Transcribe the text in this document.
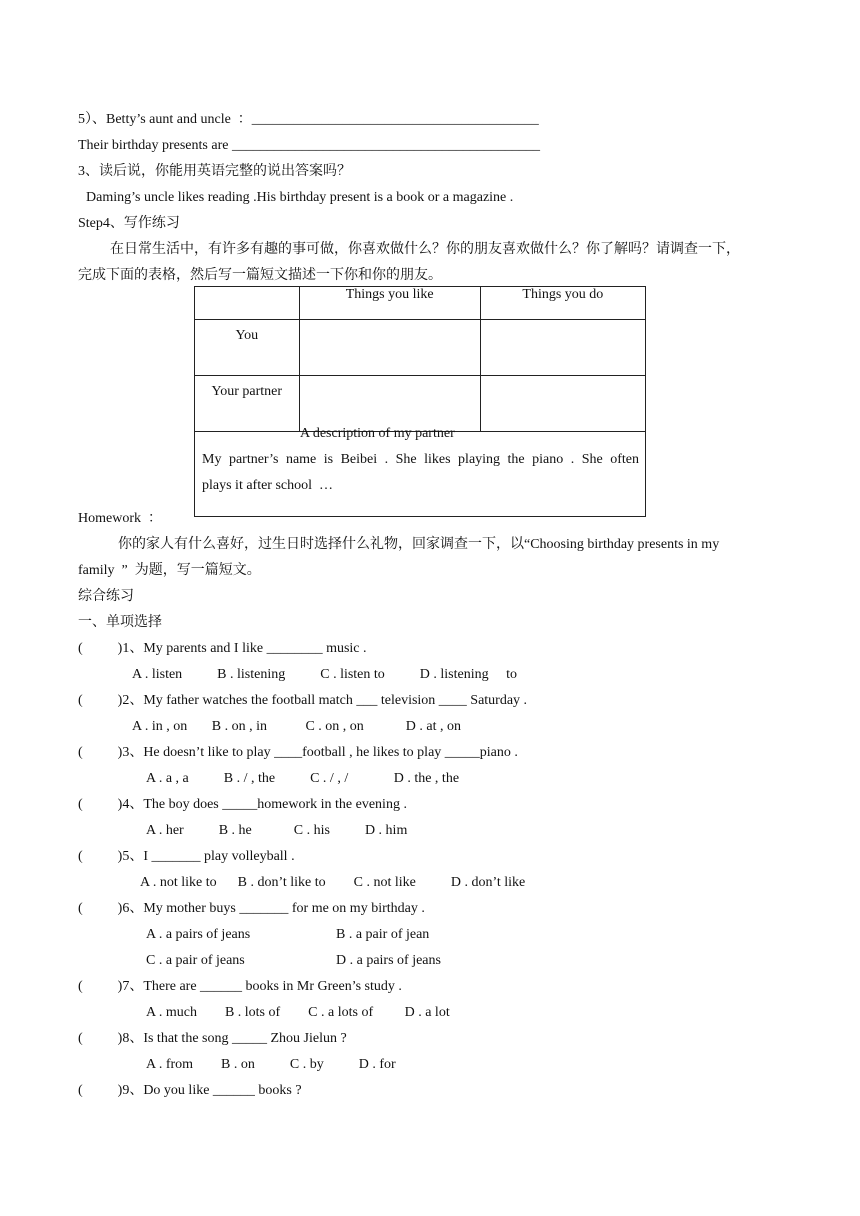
5）、Betty’s aunt and uncle  ：_________________________________________
Their birthday presents are ____________________________________________
3、读后说，你能用英语完整的说出答案吗？
Daming’s uncle likes reading .His birthday present is a book or a magazine .
Step4、写作练习
在日常生活中，有许多有趣的事可做，你喜欢做什么？你的朋友喜欢做什么？你了解吗？请调查一下，
完成下面的表格，然后写一篇短文描述一下你和你的朋友。
	Things you like	Things you do
You		
Your partner		

A description of my partner
My partner’s name is Beibei . She likes playing the piano . She often
plays it after school  …
Homework  ：
你的家人有什么喜好，过生日时选择什么礼物，回家调查一下，以“Choosing birthday presents in my
family  ”  为题，写一篇短文。
综合练习
一、单项选择
(          )1、My parents and I like ________ music .
A . listen          B . listening          C . listen to          D . listening     to
(          )2、My father watches the football match ___ television ____ Saturday .
A . in , on       B . on , in           C . on , on            D . at , on
(          )3、He doesn’t like to play ____football , he likes to play _____piano .
A . a , a          B . / , the          C . / , /             D . the , the
(          )4、The boy does _____homework in the evening .
A . her          B . he            C . his          D . him
(          )5、I _______ play volleyball .
A . not like to      B . don’t like to        C . not like          D . don’t like
(          )6、My mother buys _______ for me on my birthday .
A . a pairs of jeans	B . a pair of jean
C . a pair of jeans	D . a pairs of jeans
(          )7、There are ______ books in Mr Green’s study .
A . much        B . lots of        C . a lots of         D . a lot
(          )8、Is that the song _____ Zhou Jielun ?
A . from        B . on          C . by          D . for
(          )9、Do you like ______ books ?
